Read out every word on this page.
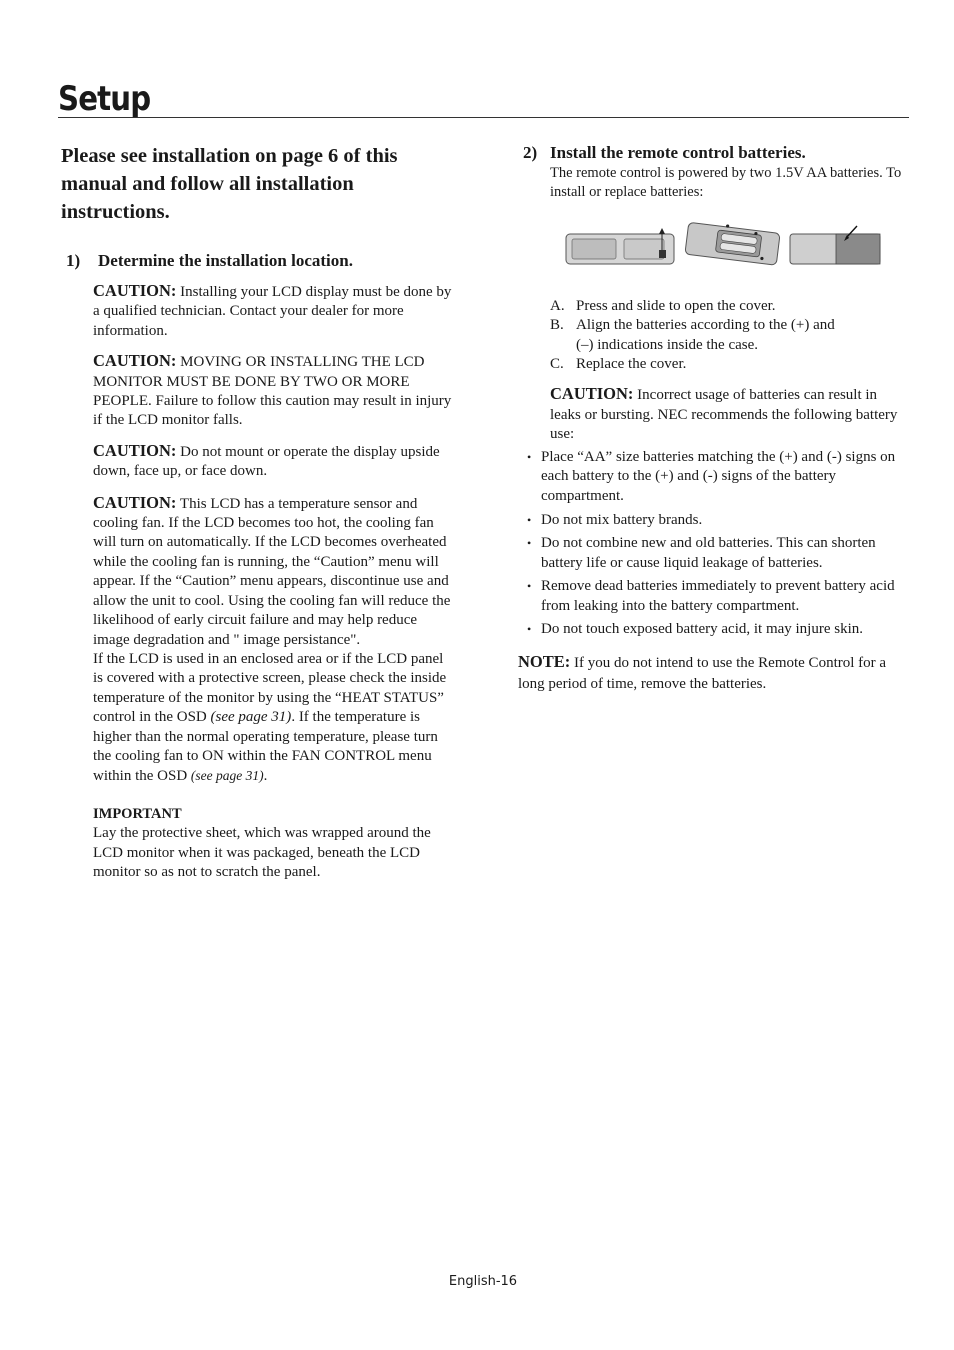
Setup

Please see installation on page 6 of this manual and follow all installation instructions.

1)	Determine the installation location.

CAUTION: Installing your LCD display must be done by a qualified technician. Contact your dealer for more information.

CAUTION: MOVING OR INSTALLING THE LCD MONITOR MUST BE DONE BY TWO OR MORE PEOPLE. Failure to follow this caution may result in injury if the LCD monitor falls.

CAUTION: Do not mount or operate the display upside down, face up, or face down.

CAUTION: This LCD has a temperature sensor and cooling fan. If the LCD becomes too hot, the cooling fan will turn on automatically. If the LCD becomes overheated while the cooling fan is running, the “Caution” menu will appear. If the “Caution” menu appears, discontinue use and allow the unit to cool. Using the cooling fan will reduce the likelihood of early circuit failure and may help reduce image degradation and " image persistance".
If the LCD is used in an enclosed area or if the LCD panel is covered with a protective screen, please check the inside temperature of the monitor by using the “HEAT STATUS” control in the OSD (see page 31). If the temperature is higher than the normal operating temperature, please turn the cooling fan to ON within the FAN CONTROL menu within the OSD (see page 31).

IMPORTANT

Lay the protective sheet, which was wrapped around the LCD monitor when it was packaged, beneath the LCD monitor so as not to scratch the panel.

2) Install the remote control batteries.

The remote control is powered by two 1.5V AA batteries. To install or replace batteries:

A. Press and slide to open the cover.
B. Align the batteries according to the (+) and (–) indications inside the case.
C. Replace the cover.

CAUTION: Incorrect usage of batteries can result in leaks or bursting. NEC recommends the following battery use:

• Place “AA” size batteries matching the (+) and (-) signs on each battery to the (+) and (-) signs of the battery compartment.
• Do not mix battery brands.
• Do not combine new and old batteries. This can shorten battery life or cause liquid leakage of batteries.
• Remove dead batteries immediately to prevent battery acid from leaking into the battery compartment.
• Do not touch exposed battery acid, it may injure skin.

NOTE: If you do not intend to use the Remote Control for a long period of time, remove the batteries.

English-16
